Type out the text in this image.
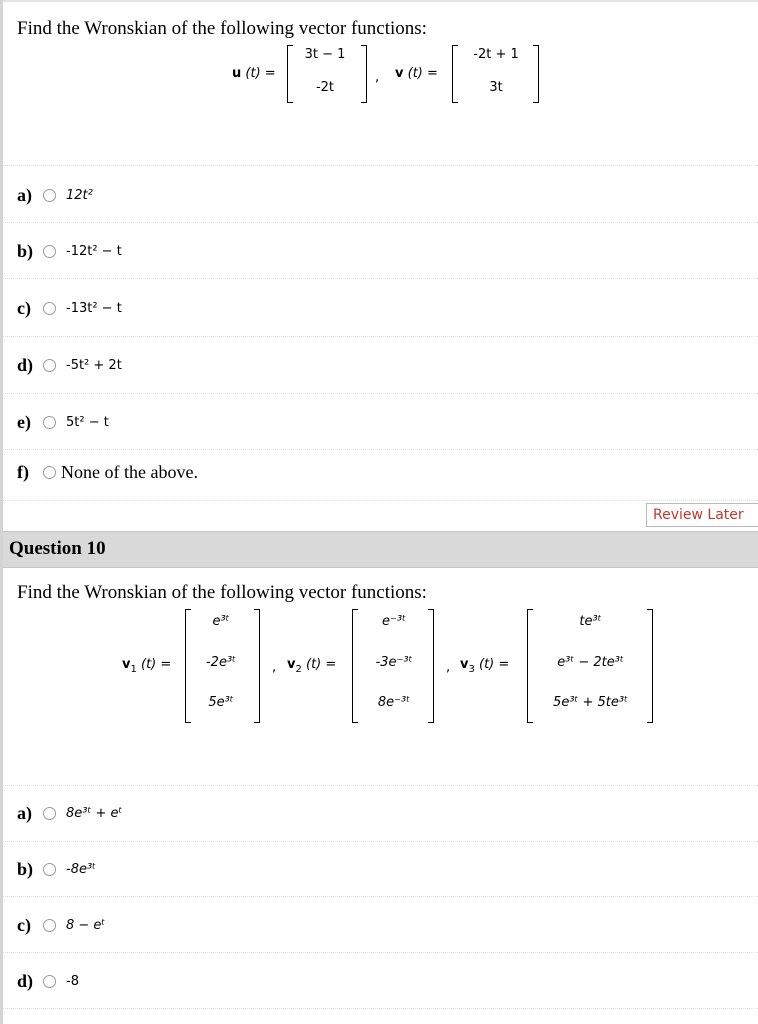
Find the Wronskian of the following vector functions:
u (t) =
3t − 1
-2t
, v (t) =
-2t + 1
3t
a)	12t²
b)	-12t² − t
c)	-13t² − t
d)	-5t² + 2t
e)	5t² − t
f)	None of the above.
Review Later
Question 10
Find the Wronskian of the following vector functions:
$v_1$ (t) =
e³ᵗ
-2e³ᵗ
5e³ᵗ
, $v_2$ (t) =
e⁻³ᵗ
-3e⁻³ᵗ
8e⁻³ᵗ
, $v_3$ (t) =
te³ᵗ
e³ᵗ − 2te³ᵗ
5e³ᵗ + 5te³ᵗ
a)	8e³ᵗ + eᵗ
b)	-8e³ᵗ
c)	8 − eᵗ
d)	-8
